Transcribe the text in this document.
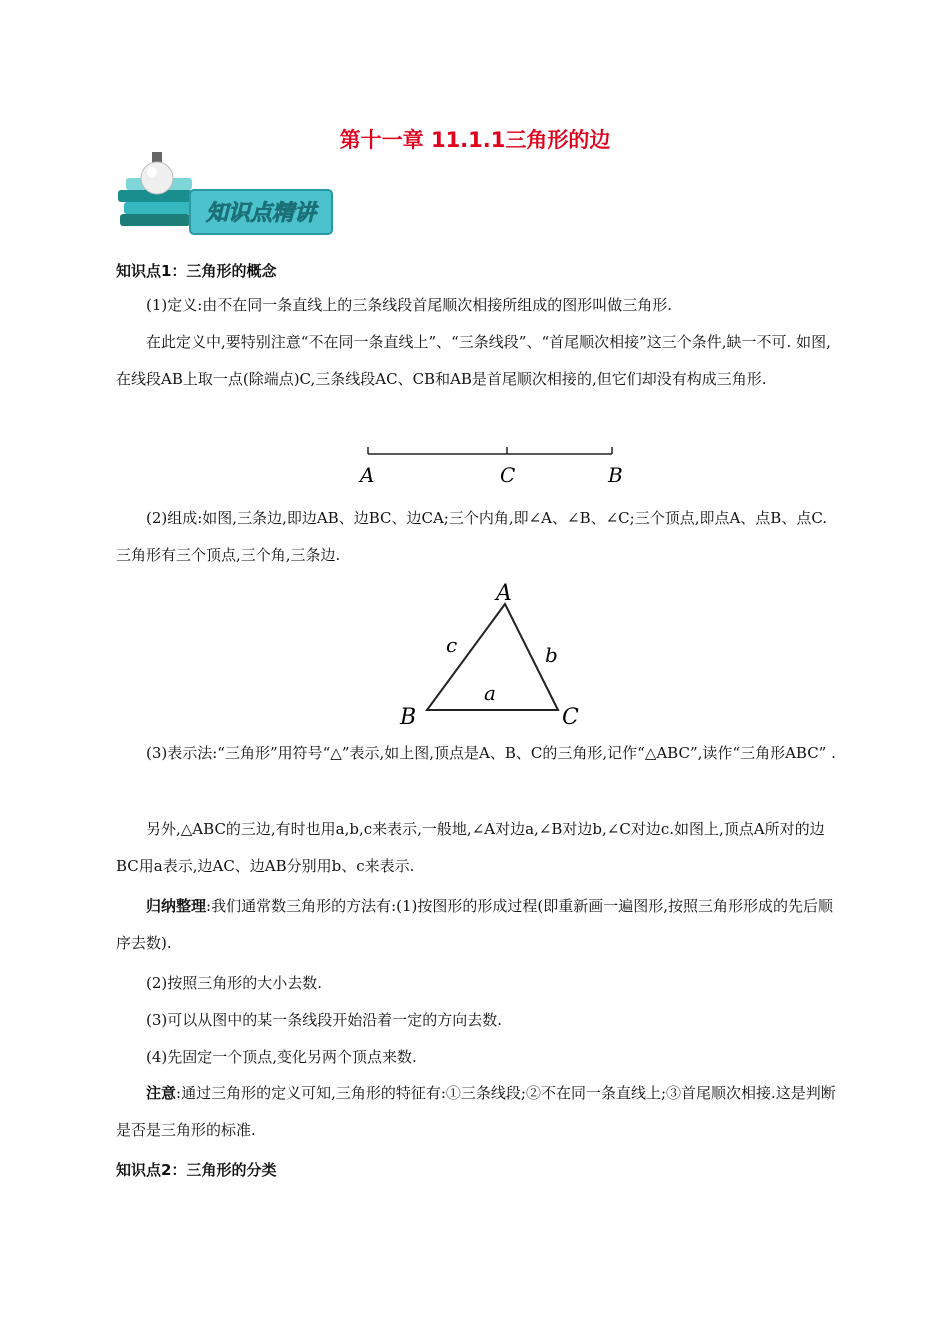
第十一章 11.1.1三角形的边
知识点精讲
知识点1：三角形的概念

(1)定义:由不在同一条直线上的三条线段首尾顺次相接所组成的图形叫做三角形.

在此定义中,要特别注意“不在同一条直线上”、“三条线段”、“首尾顺次相接”这三个条件,缺一不可. 如图,在线段AB上取一点(除端点)C,三条线段AC、CB和AB是首尾顺次相接的,但它们却没有构成三角形.

A	C	B

(2)组成:如图,三条边,即边AB、边BC、边CA;三个内角,即∠A、∠B、∠C;三个顶点,即点A、点B、点C. 三角形有三个顶点,三个角,三条边.

A
B	C
a
b
c

(3)表示法:“三角形”用符号“△”表示,如上图,顶点是A、B、C的三角形,记作“△ABC”,读作“三角形ABC” .

另外,△ABC的三边,有时也用a,b,c来表示,一般地,∠A对边a,∠B对边b,∠C对边c.如图上,顶点A所对的边BC用a表示,边AC、边AB分别用b、c来表示.

归纳整理:我们通常数三角形的方法有:(1)按图形的形成过程(即重新画一遍图形,按照三角形形成的先后顺序去数).

(2)按照三角形的大小去数.
(3)可以从图中的某一条线段开始沿着一定的方向去数.
(4)先固定一个顶点,变化另两个顶点来数.

注意:通过三角形的定义可知,三角形的特征有:①三条线段;②不在同一条直线上;③首尾顺次相接.这是判断是否是三角形的标准.

知识点2：三角形的分类
